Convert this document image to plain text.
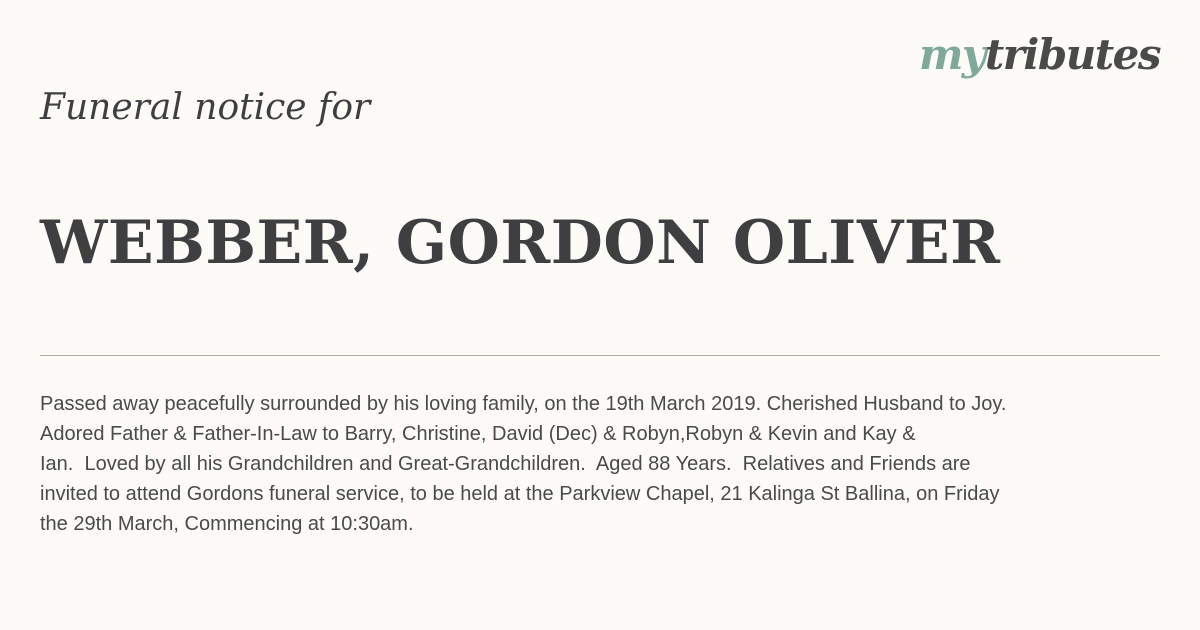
mytributes
Funeral notice for
WEBBER, GORDON OLIVER

Passed away peacefully surrounded by his loving family, on the 19th March 2019. Cherished Husband to Joy.
Adored Father & Father-In-Law to Barry, Christine, David (Dec) & Robyn,Robyn & Kevin and Kay &
Ian.  Loved by all his Grandchildren and Great-Grandchildren.  Aged 88 Years.  Relatives and Friends are
invited to attend Gordons funeral service, to be held at the Parkview Chapel, 21 Kalinga St Ballina, on Friday
the 29th March, Commencing at 10:30am.
